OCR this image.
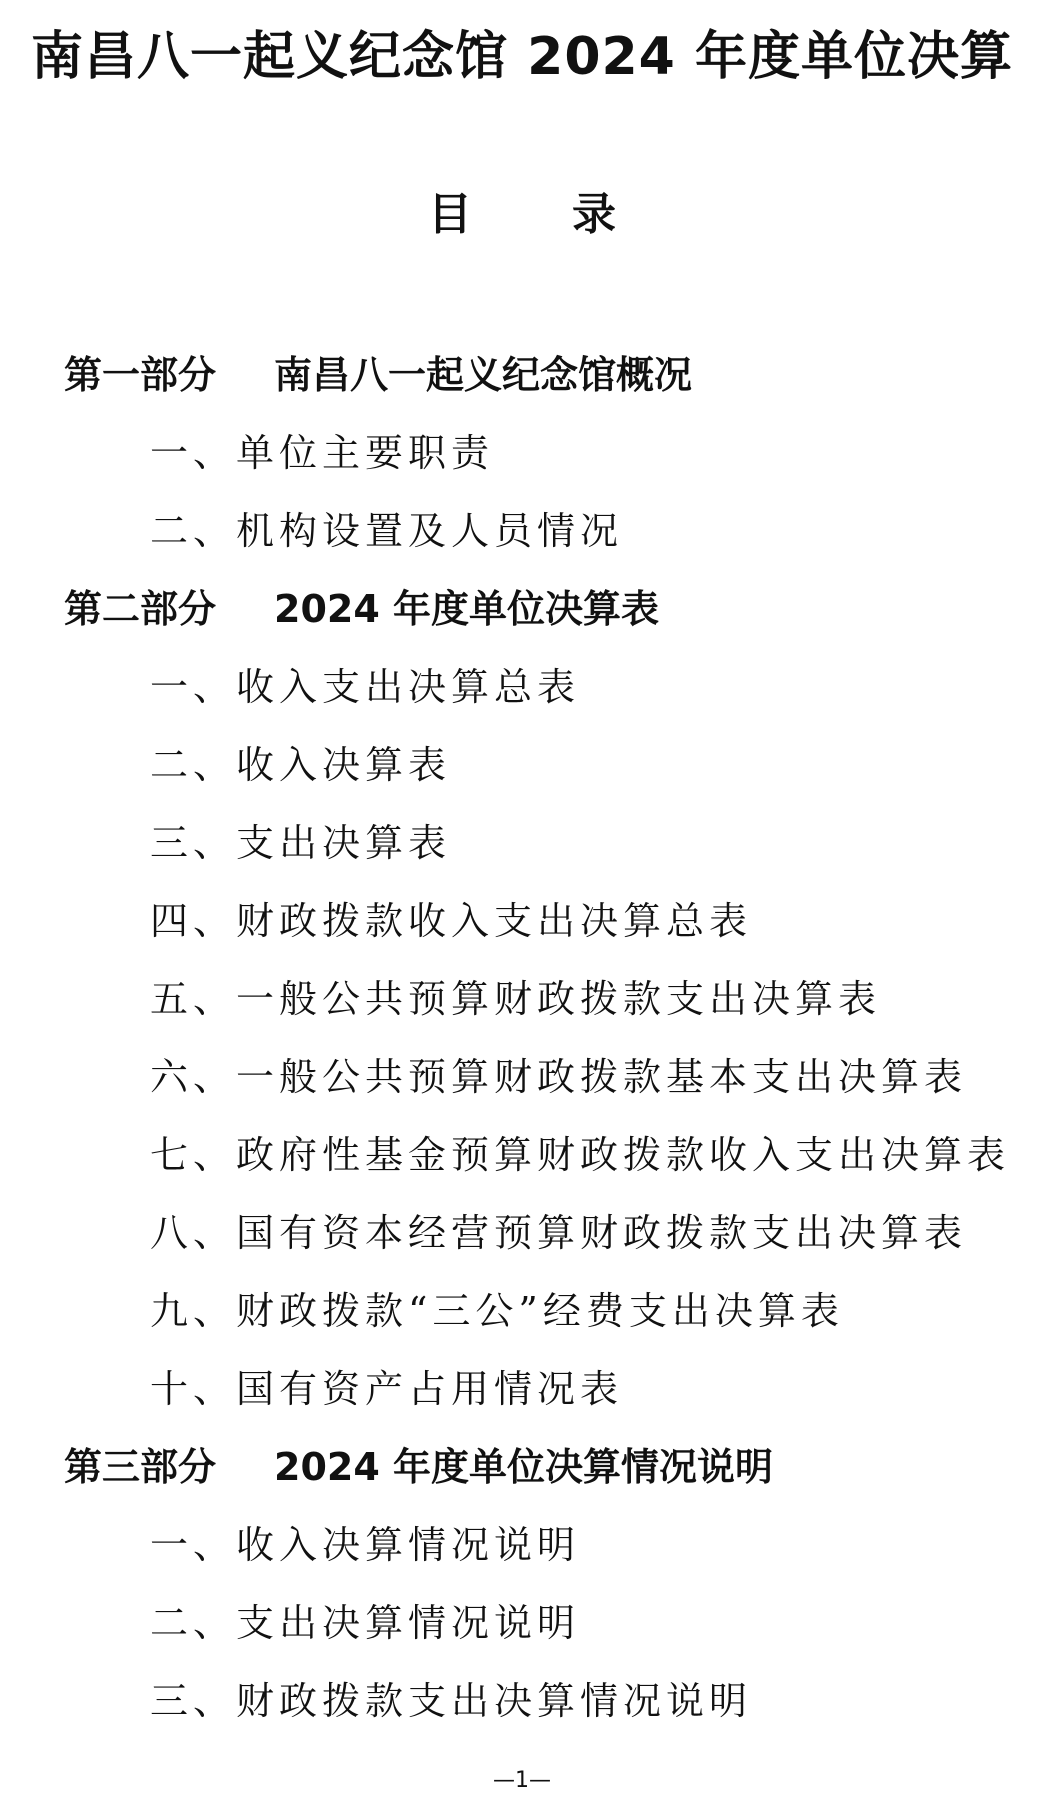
南昌八一起义纪念馆 2024 年度单位决算
目 录
第一部分 南昌八一起义纪念馆概况
一、单位主要职责
二、机构设置及人员情况
第二部分 2024 年度单位决算表
一、收入支出决算总表
二、收入决算表
三、支出决算表
四、财政拨款收入支出决算总表
五、一般公共预算财政拨款支出决算表
六、一般公共预算财政拨款基本支出决算表
七、政府性基金预算财政拨款收入支出决算表
八、国有资本经营预算财政拨款支出决算表
九、财政拨款“三公”经费支出决算表
十、国有资产占用情况表
第三部分 2024 年度单位决算情况说明
一、收入决算情况说明
二、支出决算情况说明
三、财政拨款支出决算情况说明
—1—
